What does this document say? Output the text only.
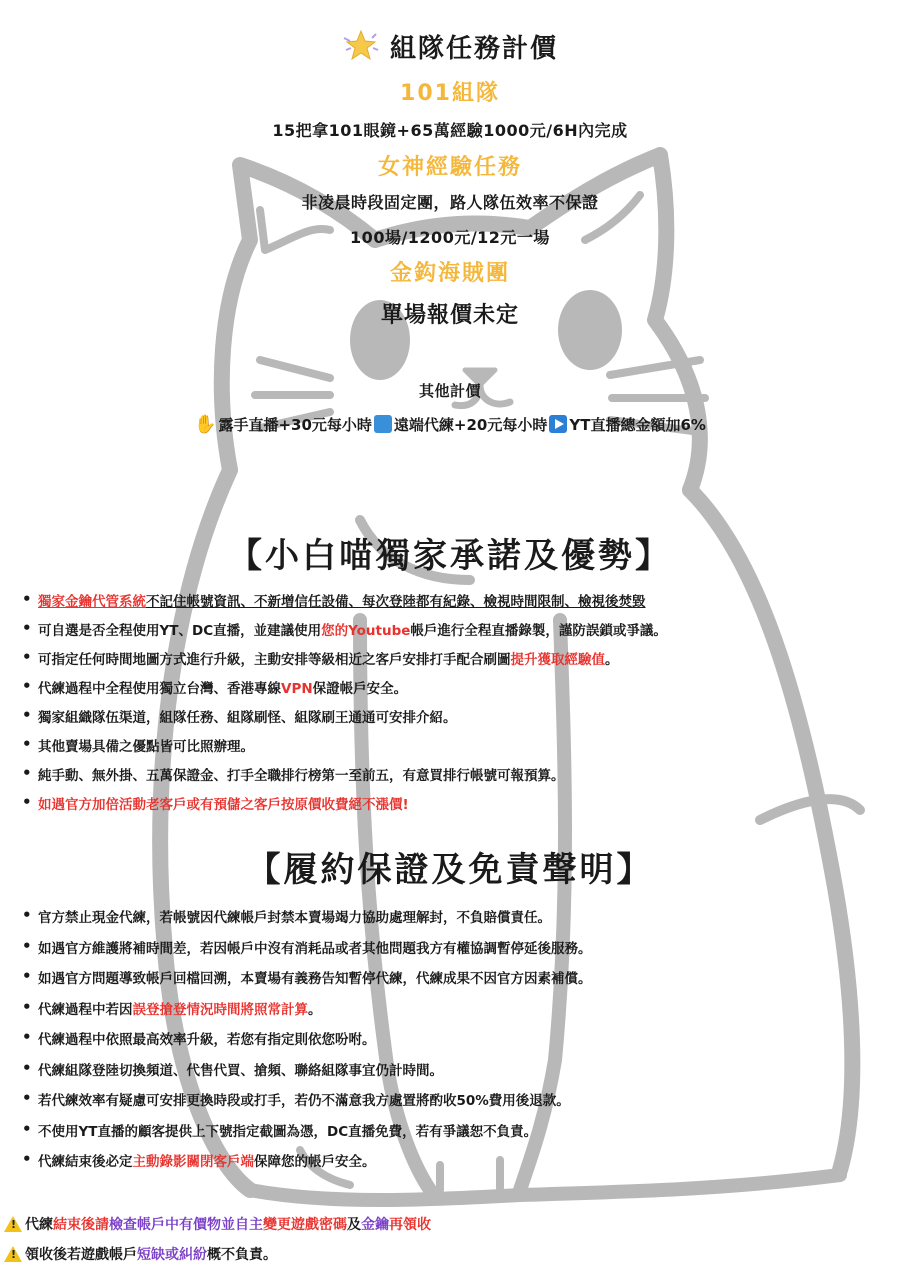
組隊任務計價
101組隊
15把拿101眼鏡+65萬經驗1000元/6H內完成
女神經驗任務
非凌晨時段固定團，路人隊伍效率不保證
100場/1200元/12元一場
金鈎海賊團
單場報價未定
其他計價
✋ 露手直播+30元每小時 遠端代練+20元每小時 YT直播總金額加6%
【小白喵獨家承諾及優勢】
• 獨家金鑰代管系統不記住帳號資訊、不新增信任設備、每次登陸都有紀錄、檢視時間限制、檢視後焚毀
• 可自選是否全程使用YT、DC直播，並建議使用您的Youtube帳戶進行全程直播錄製，謹防誤鎖或爭議。
• 可指定任何時間地圖方式進行升級，主動安排等級相近之客戶安排打手配合刷圖提升獲取經驗值。
• 代練過程中全程使用獨立台灣、香港專線VPN保證帳戶安全。
• 獨家組織隊伍渠道，組隊任務、組隊刷怪、組隊刷王通通可安排介紹。
• 其他賣場具備之優點皆可比照辦理。
• 純手動、無外掛、五萬保證金、打手全職排行榜第一至前五，有意買排行帳號可報預算。
• 如遇官方加倍活動老客戶或有預儲之客戶按原價收費絕不漲價!
【履約保證及免責聲明】
• 官方禁止現金代練，若帳號因代練帳戶封禁本賣場竭力協助處理解封，不負賠償責任。
• 如遇官方維護將補時間差，若因帳戶中沒有消耗品或者其他問題我方有權協調暫停延後服務。
• 如遇官方問題導致帳戶回檔回溯，本賣場有義務告知暫停代練，代練成果不因官方因素補償。
• 代練過程中若因誤登搶登情況時間將照常計算。
• 代練過程中依照最高效率升級，若您有指定則依您吩咐。
• 代練組隊登陸切換頻道、代售代買、搶頻、聯絡組隊事宜仍計時間。
• 若代練效率有疑慮可安排更換時段或打手，若仍不滿意我方處置將酌收50%費用後退款。
• 不使用YT直播的顧客提供上下號指定截圖為憑，DC直播免費，若有爭議恕不負責。
• 代練結束後必定主動錄影關閉客戶端保障您的帳戶安全。
!
代練 結束後請 檢查帳戶中有價物並自主 變更遊戲密碼 及 金鑰 再領收
!
領收後若遊戲帳戶 短缺或糾紛 概不負責。
